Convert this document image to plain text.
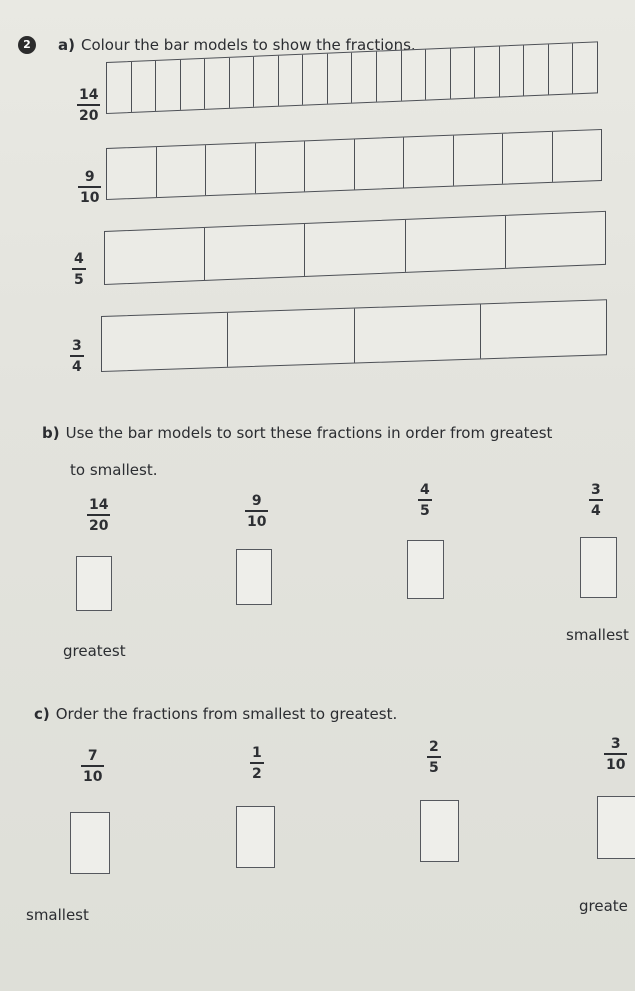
2	a) Colour the bar models to show the fractions.
14
20
9
10
4
5
3
4
b) Use the bar models to sort these fractions in order from greatest
to smallest.
14
20
9
10
4
5
3
4
greatest
smallest
c) Order the fractions from smallest to greatest.
7
10
1
2
2
5
3
10
smallest	greate
